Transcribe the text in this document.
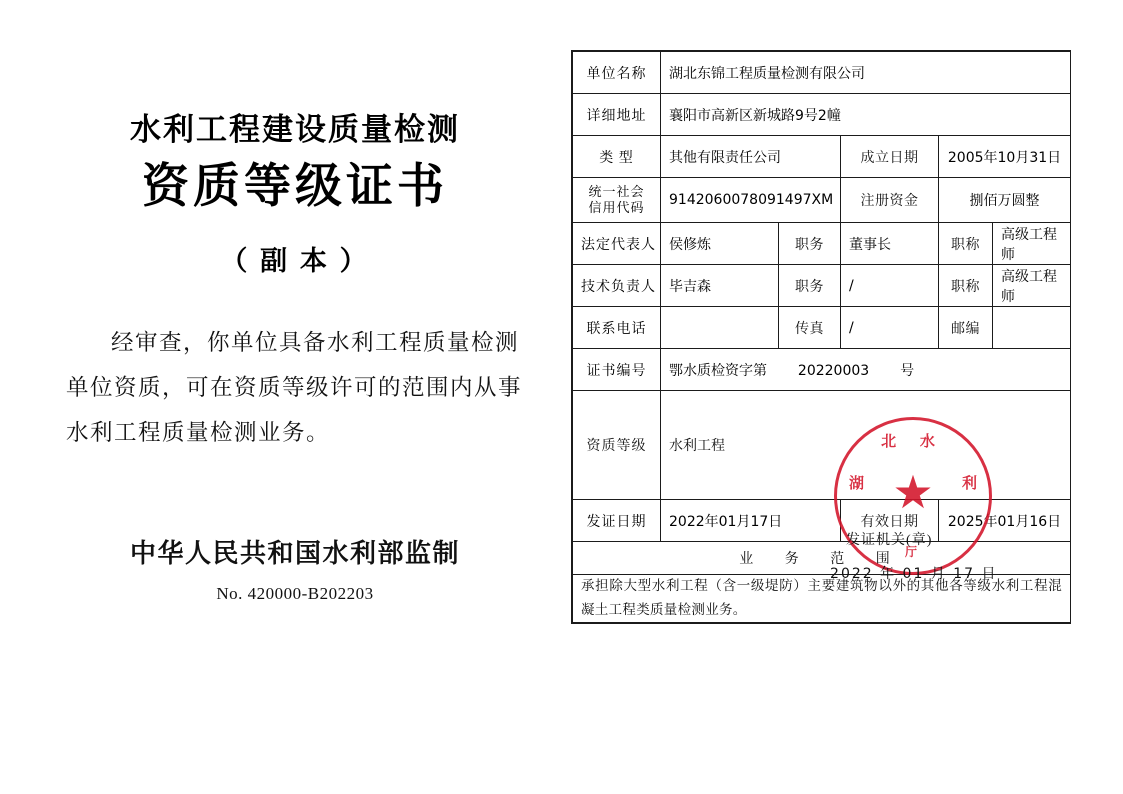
水利工程建设质量检测
资质等级证书
（ 副 本 ）
经审查，你单位具备水利工程质量检测单位资质，可在资质等级许可的范围内从事水利工程质量检测业务。
中华人民共和国水利部监制
No. 420000-B202203
单位名称	湖北东锦工程质量检测有限公司				
详细地址	襄阳市高新区新城路9号2幢				
类 型	其他有限责任公司		成立日期	2005年10月31日	

统一社会
信用代码	9142060078091497XM		注册资金	捌佰万圆整	
法定代表人	侯修炼	职务	董事长	职称	高级工程师
技术负责人	毕吉森	职务	/	职称	高级工程师
联系电话		传真	/	邮编	
证书编号	鄂水质检资字第 20220003 号				
资质等级	水利工程				
发证日期	2022年01月17日		有效日期	2025年01月16日	
业 务 范 围					

承担除大型水利工程（含一级堤防）主要建筑物以外的其他各等级水利工程混凝土工程类质量检测业务。
北 水
湖	利
★
厅
发证机关(章)
2022 年 01 月 17 日
